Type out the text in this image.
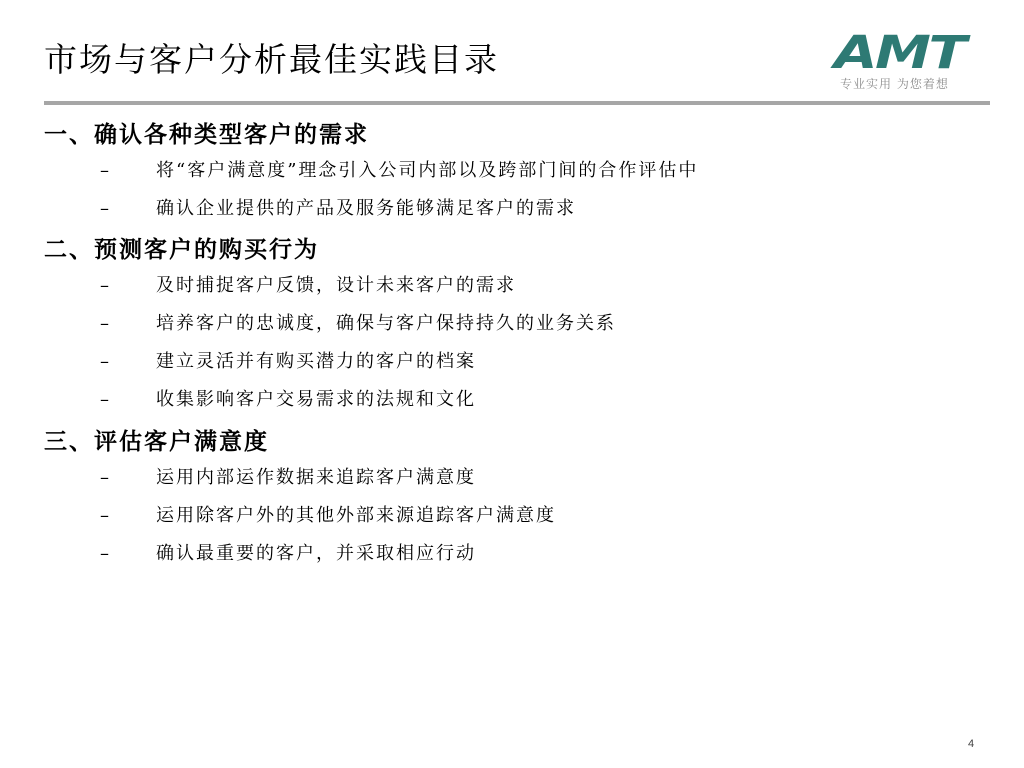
市场与客户分析最佳实践目录	AMT
专业实用 为您着想
一、确认各种类型客户的需求
–	将“客户满意度”理念引入公司内部以及跨部门间的合作评估中
–	确认企业提供的产品及服务能够满足客户的需求
二、预测客户的购买行为
–	及时捕捉客户反馈，设计未来客户的需求
–	培养客户的忠诚度，确保与客户保持持久的业务关系
–	建立灵活并有购买潜力的客户的档案
–	收集影响客户交易需求的法规和文化
三、评估客户满意度
–	运用内部运作数据来追踪客户满意度
–	运用除客户外的其他外部来源追踪客户满意度
–	确认最重要的客户，并采取相应行动
4
